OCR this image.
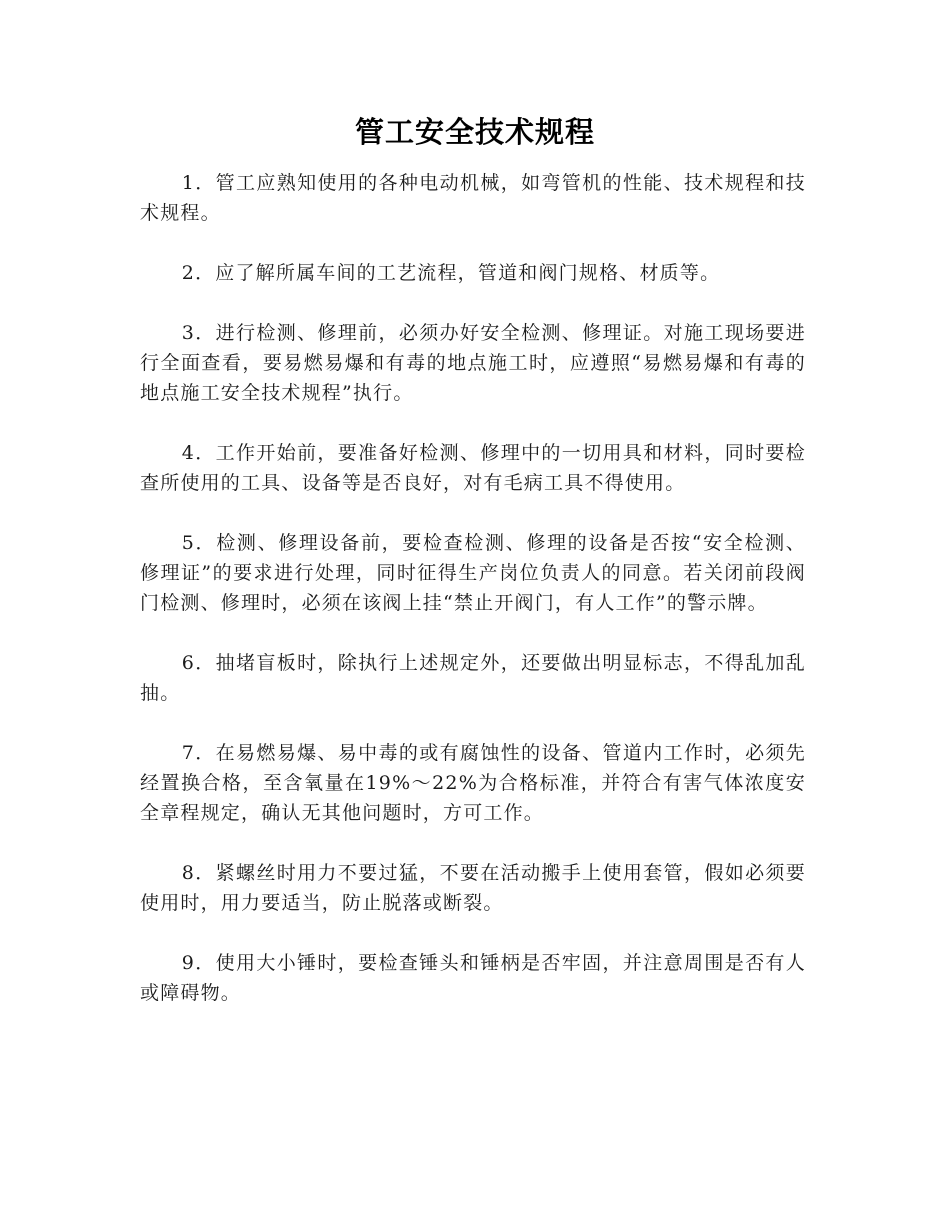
管工安全技术规程

1．管工应熟知使用的各种电动机械，如弯管机的性能、技术规程和技术规程。

2．应了解所属车间的工艺流程，管道和阀门规格、材质等。

3．进行检测、修理前，必须办好安全检测、修理证。对施工现场要进行全面查看，要易燃易爆和有毒的地点施工时，应遵照“易燃易爆和有毒的地点施工安全技术规程”执行。

4．工作开始前，要准备好检测、修理中的一切用具和材料，同时要检查所使用的工具、设备等是否良好，对有毛病工具不得使用。

5．检测、修理设备前，要检查检测、修理的设备是否按“安全检测、修理证”的要求进行处理，同时征得生产岗位负责人的同意。若关闭前段阀门检测、修理时，必须在该阀上挂“禁止开阀门，有人工作”的警示牌。

6．抽堵盲板时，除执行上述规定外，还要做出明显标志，不得乱加乱抽。

7．在易燃易爆、易中毒的或有腐蚀性的设备、管道内工作时，必须先经置换合格，至含氧量在19%～22%为合格标准，并符合有害气体浓度安全章程规定，确认无其他问题时，方可工作。

8．紧螺丝时用力不要过猛，不要在活动搬手上使用套管，假如必须要使用时，用力要适当，防止脱落或断裂。

9．使用大小锤时，要检查锤头和锤柄是否牢固，并注意周围是否有人或障碍物。
